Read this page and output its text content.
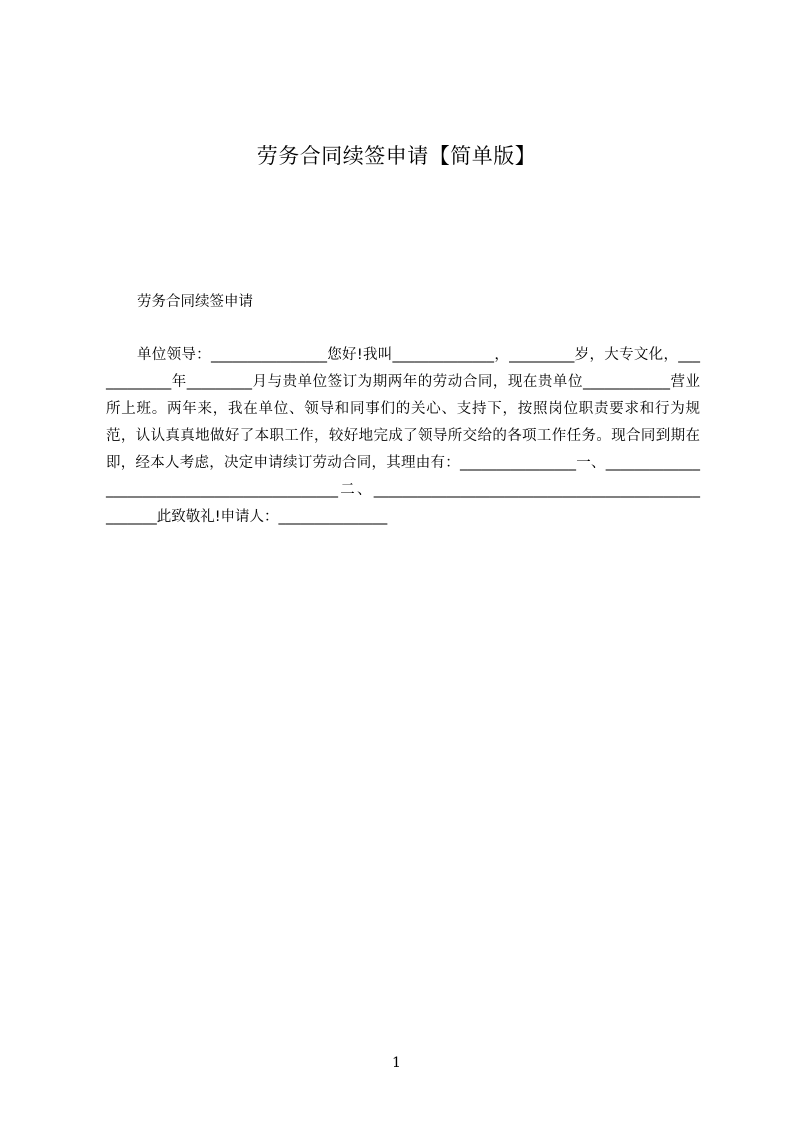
劳务合同续签申请【简单版】

劳务合同续签申请

单位领导：________________您好!我叫______________，_________岁，大专文化，____________年_________月与贵单位签订为期两年的劳动合同，现在贵单位____________营业所上班。两年来，我在单位、领导和同事们的关心、支持下，按照岗位职责要求和行为规范，认认真真地做好了本职工作，较好地完成了领导所交给的各项工作任务。现合同到期在即，经本人考虑，决定申请续订劳动合同，其理由有：________________一、_____________________________________________二、____________________________________________________此致敬礼!申请人：_______________

1
